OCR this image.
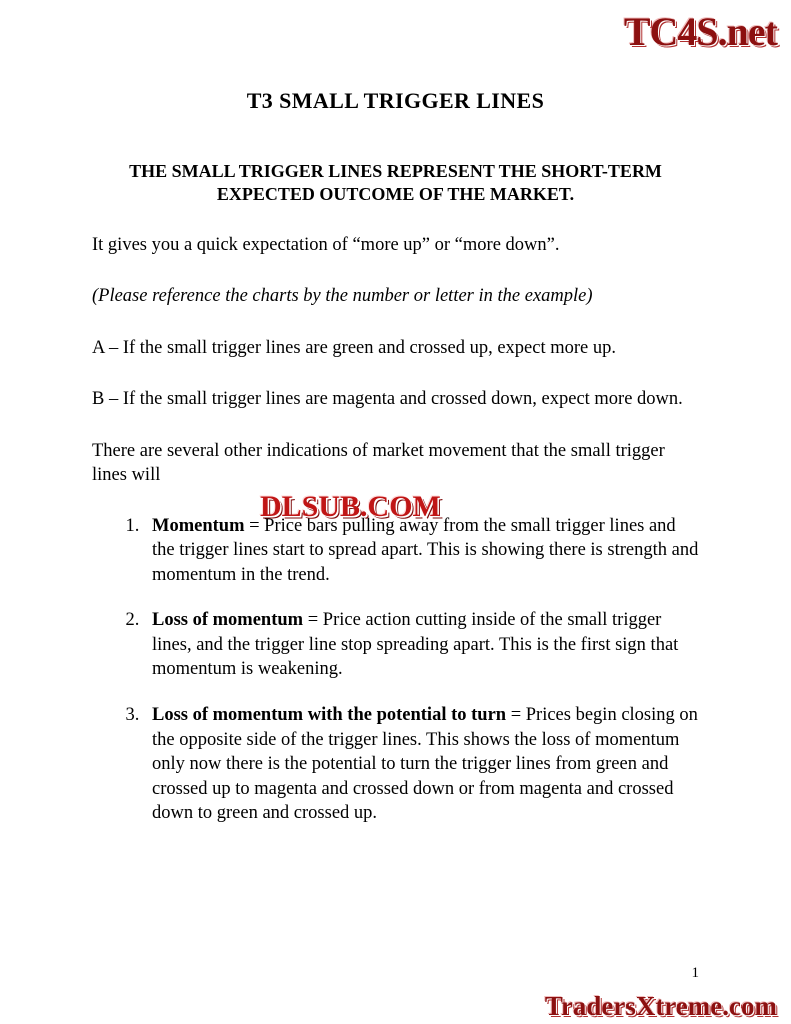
TC4S.net
T3 SMALL TRIGGER LINES
THE SMALL TRIGGER LINES REPRESENT THE SHORT-TERM EXPECTED OUTCOME OF THE MARKET.

It gives you a quick expectation of “more up” or “more down”.

(Please reference the charts by the number or letter in the example)

A – If the small trigger lines are green and crossed up, expect more up.

B – If the small trigger lines are magenta and crossed down, expect more down.

There are several other indications of market movement that the small trigger lines will

1. Momentum = Price bars pulling away from the small trigger lines and the trigger lines start to spread apart. This is showing there is strength and momentum in the trend.
2. Loss of momentum = Price action cutting inside of the small trigger lines, and the trigger line stop spreading apart. This is the first sign that momentum is weakening.
3. Loss of momentum with the potential to turn = Prices begin closing on the opposite side of the trigger lines. This shows the loss of momentum only now there is the potential to turn the trigger lines from green and crossed up to magenta and crossed down or from magenta and crossed down to green and crossed up.
DLSUB.COM
1
TradersXtreme.com
